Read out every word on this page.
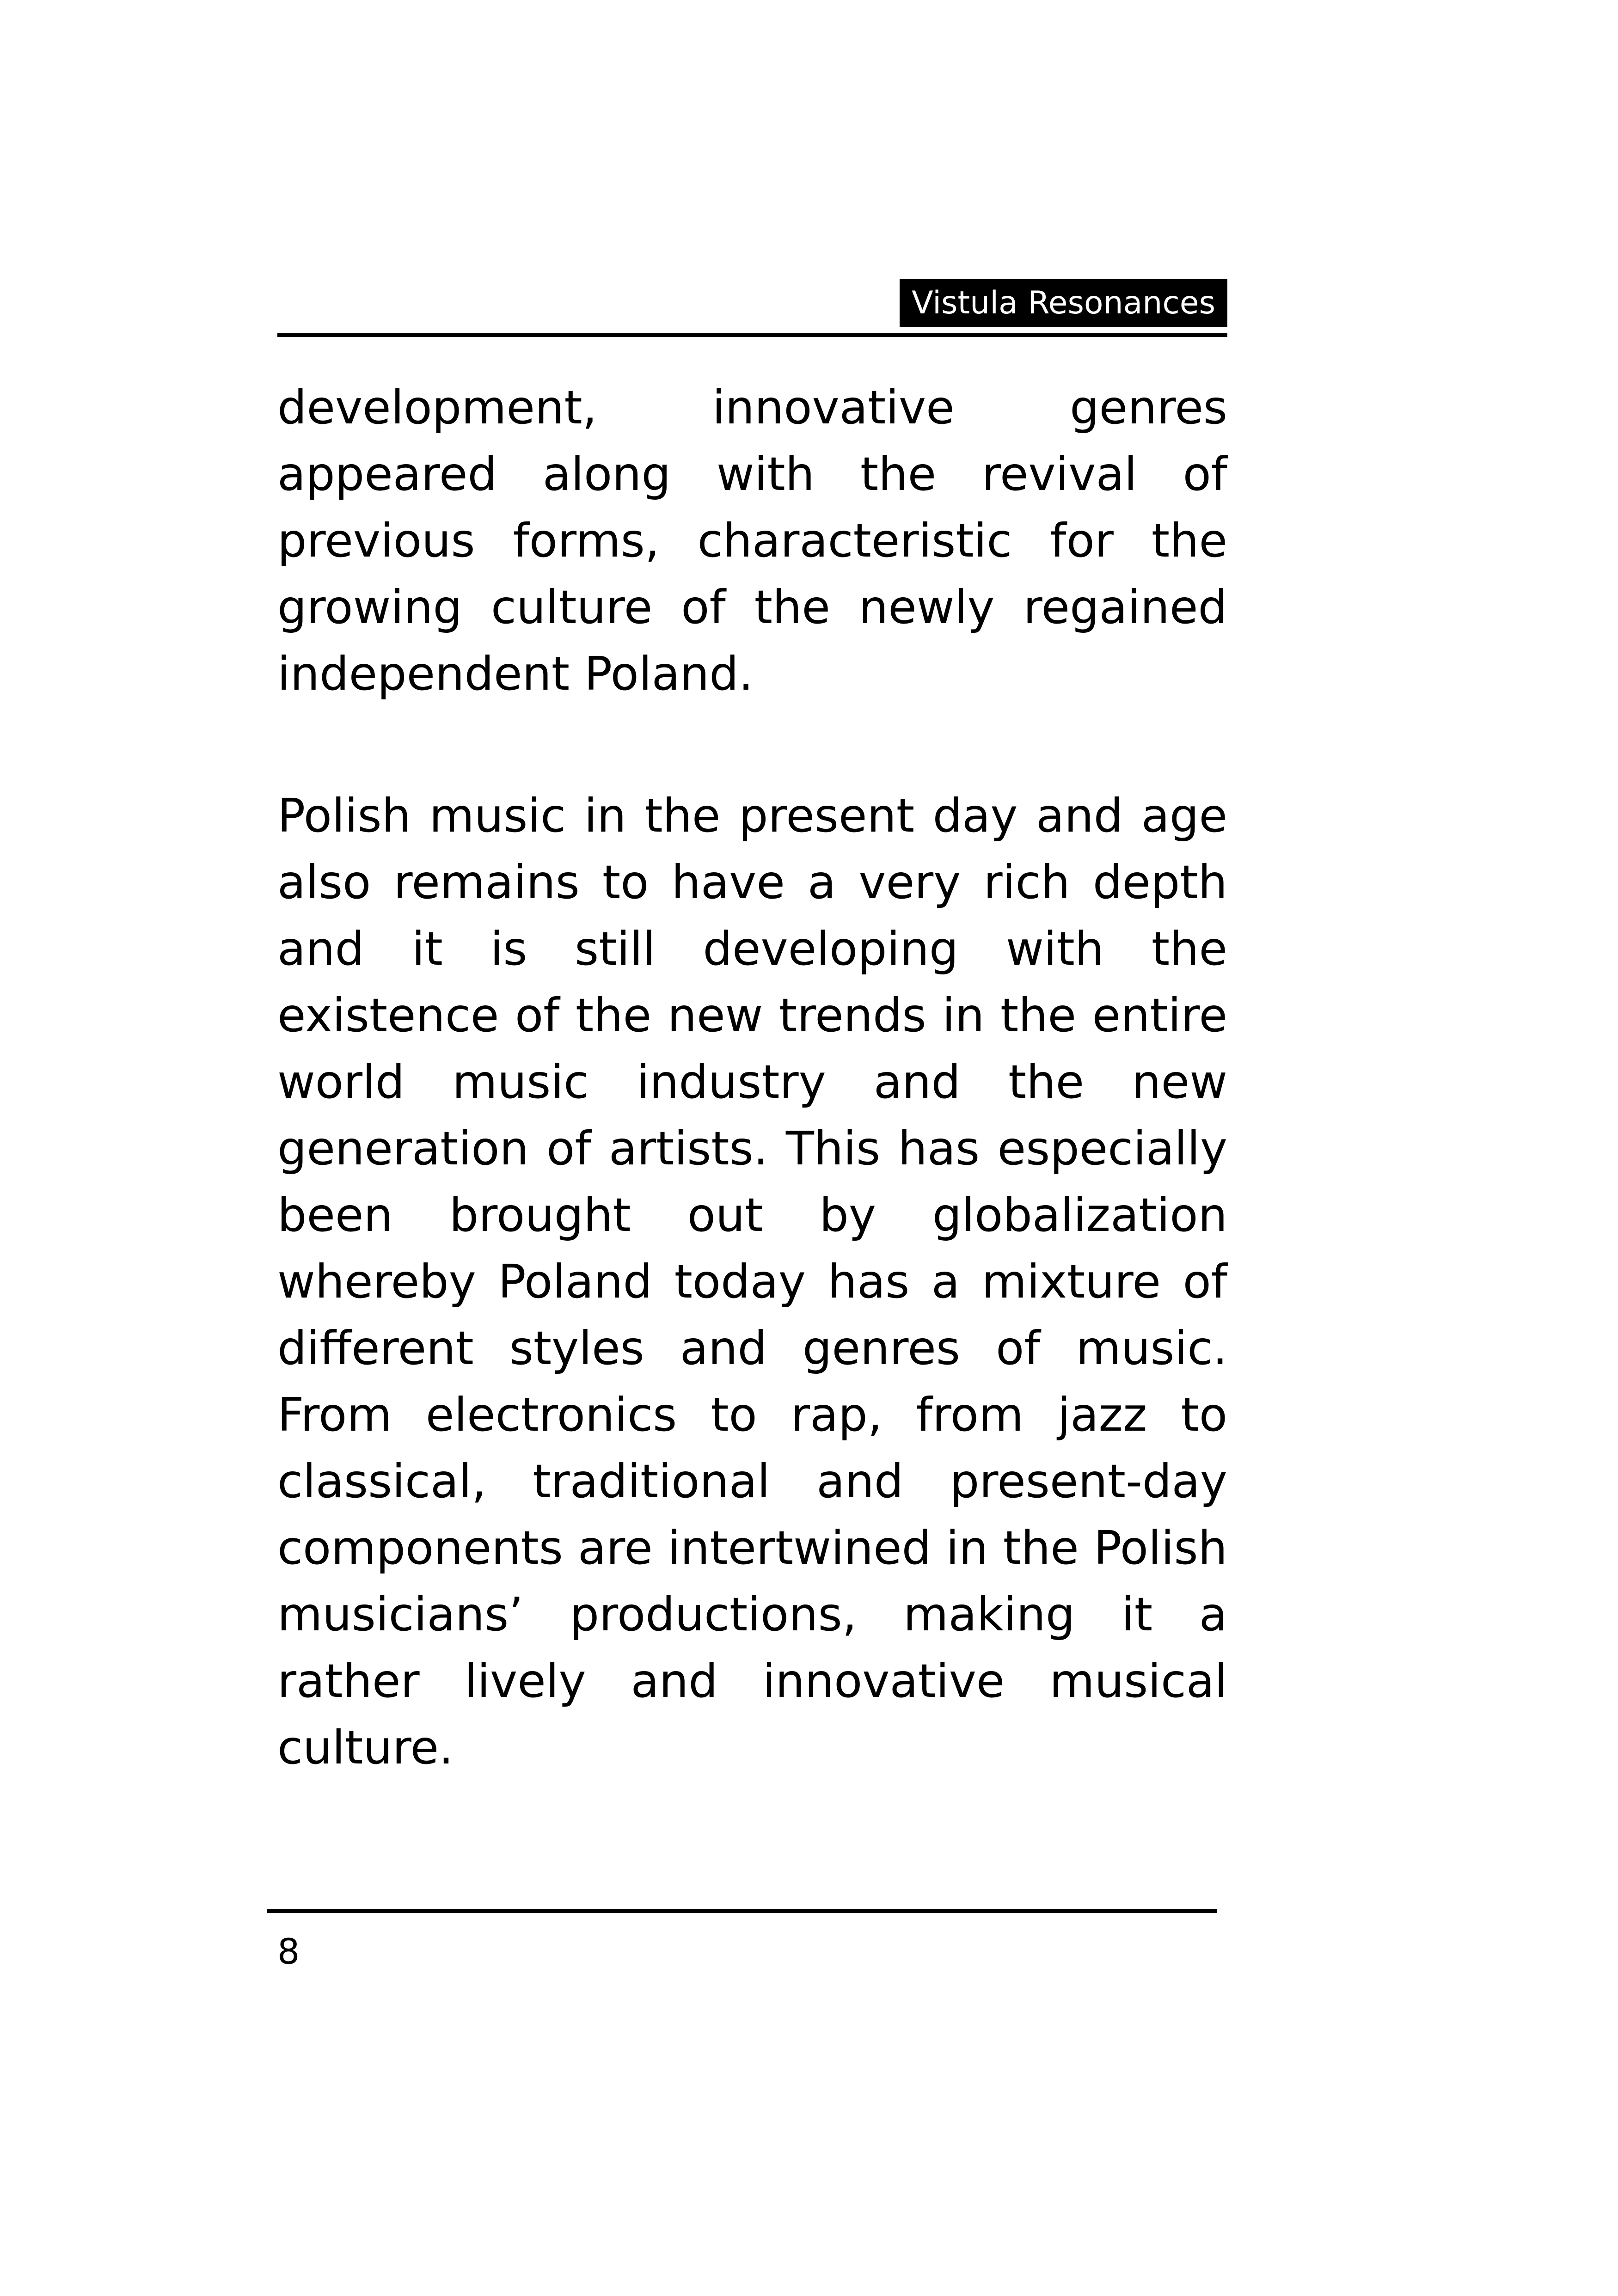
Vistula Resonances

development, innovative genres appeared along with the revival of previous forms, characteristic for the growing culture of the newly regained independent Poland.

Polish music in the present day and age also remains to have a very rich depth and it is still developing with the existence of the new trends in the entire world music industry and the new generation of artists. This has especially been brought out by globalization whereby Poland today has a mixture of different styles and genres of music. From electronics to rap, from jazz to classical, traditional and present-day components are intertwined in the Polish musicians’ productions, making it a rather lively and innovative musical culture.

8
